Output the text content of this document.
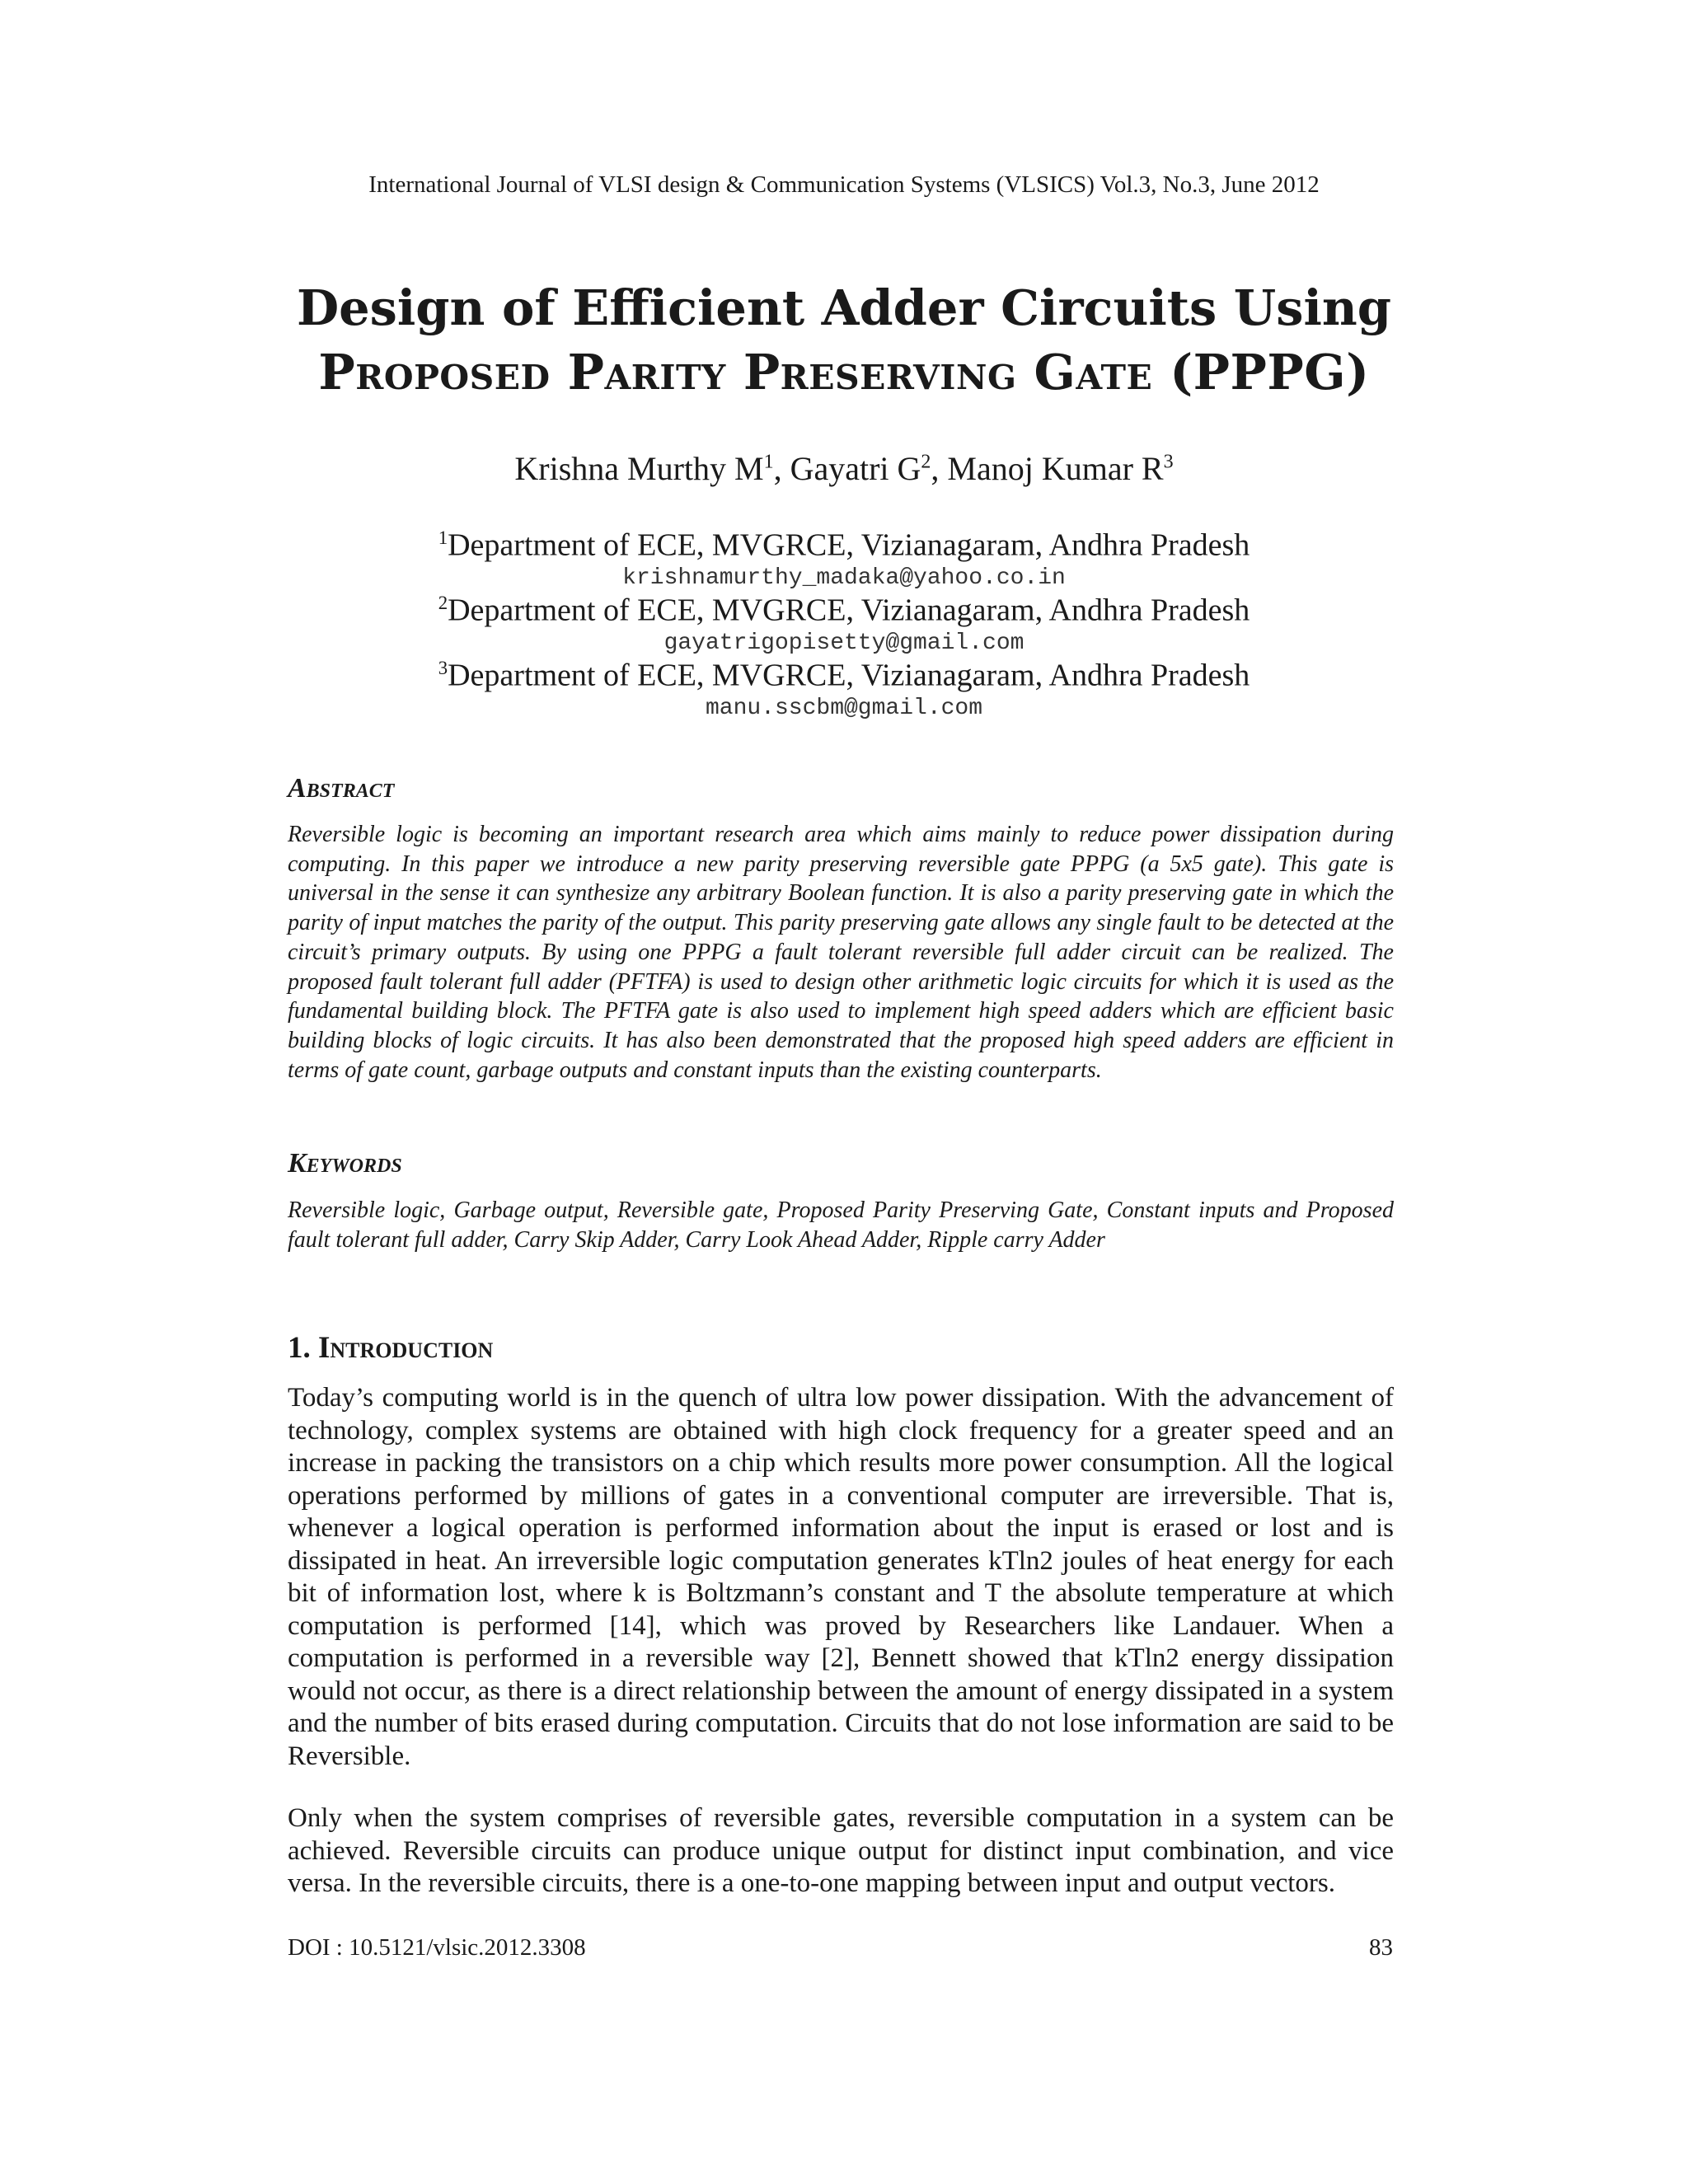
International Journal of VLSI design & Communication Systems (VLSICS) Vol.3, No.3, June 2012
Design of Efficient Adder Circuits Using
Proposed Parity Preserving Gate (PPPG)
Krishna Murthy $M^1$, Gayatri $G^2$, Manoj Kumar $R^3$
$^1$Department of ECE, MVGRCE, Vizianagaram, Andhra Pradesh
krishnamurthy_madaka@yahoo.co.in
$^2$Department of ECE, MVGRCE, Vizianagaram, Andhra Pradesh
gayatrigopisetty@gmail.com
$^3$Department of ECE, MVGRCE, Vizianagaram, Andhra Pradesh
manu.sscbm@gmail.com
Abstract
Reversible logic is becoming an important research area which aims mainly to reduce power dissipation during computing. In this paper we introduce a new parity preserving reversible gate PPPG (a 5x5 gate). This gate is universal in the sense it can synthesize any arbitrary Boolean function. It is also a parity preserving gate in which the parity of input matches the parity of the output. This parity preserving gate allows any single fault to be detected at the circuit’s primary outputs. By using one PPPG a fault tolerant reversible full adder circuit can be realized. The proposed fault tolerant full adder (PFTFA) is used to design other arithmetic logic circuits for which it is used as the fundamental building block. The PFTFA gate is also used to implement high speed adders which are efficient basic building blocks of logic circuits. It has also been demonstrated that the proposed high speed adders are efficient in terms of gate count, garbage outputs and constant inputs than the existing counterparts.
Keywords
Reversible logic, Garbage output, Reversible gate, Proposed Parity Preserving Gate, Constant inputs and Proposed fault tolerant full adder, Carry Skip Adder, Carry Look Ahead Adder, Ripple carry Adder
1. Introduction
Today’s computing world is in the quench of ultra low power dissipation. With the advancement of technology, complex systems are obtained with high clock frequency for a greater speed and an increase in packing the transistors on a chip which results more power consumption. All the logical operations performed by millions of gates in a conventional computer are irreversible. That is, whenever a logical operation is performed information about the input is erased or lost and is dissipated in heat. An irreversible logic computation generates kTln2 joules of heat energy for each bit of information lost, where k is Boltzmann’s constant and T the absolute temperature at which computation is performed [14], which was proved by Researchers like Landauer. When a computation is performed in a reversible way [2], Bennett showed that kTln2 energy dissipation would not occur, as there is a direct relationship between the amount of energy dissipated in a system and the number of bits erased during computation. Circuits that do not lose information are said to be Reversible.
Only when the system comprises of reversible gates, reversible computation in a system can be achieved. Reversible circuits can produce unique output for distinct input combination, and vice versa. In the reversible circuits, there is a one-to-one mapping between input and output vectors.
DOI : 10.5121/vlsic.2012.3308	83
